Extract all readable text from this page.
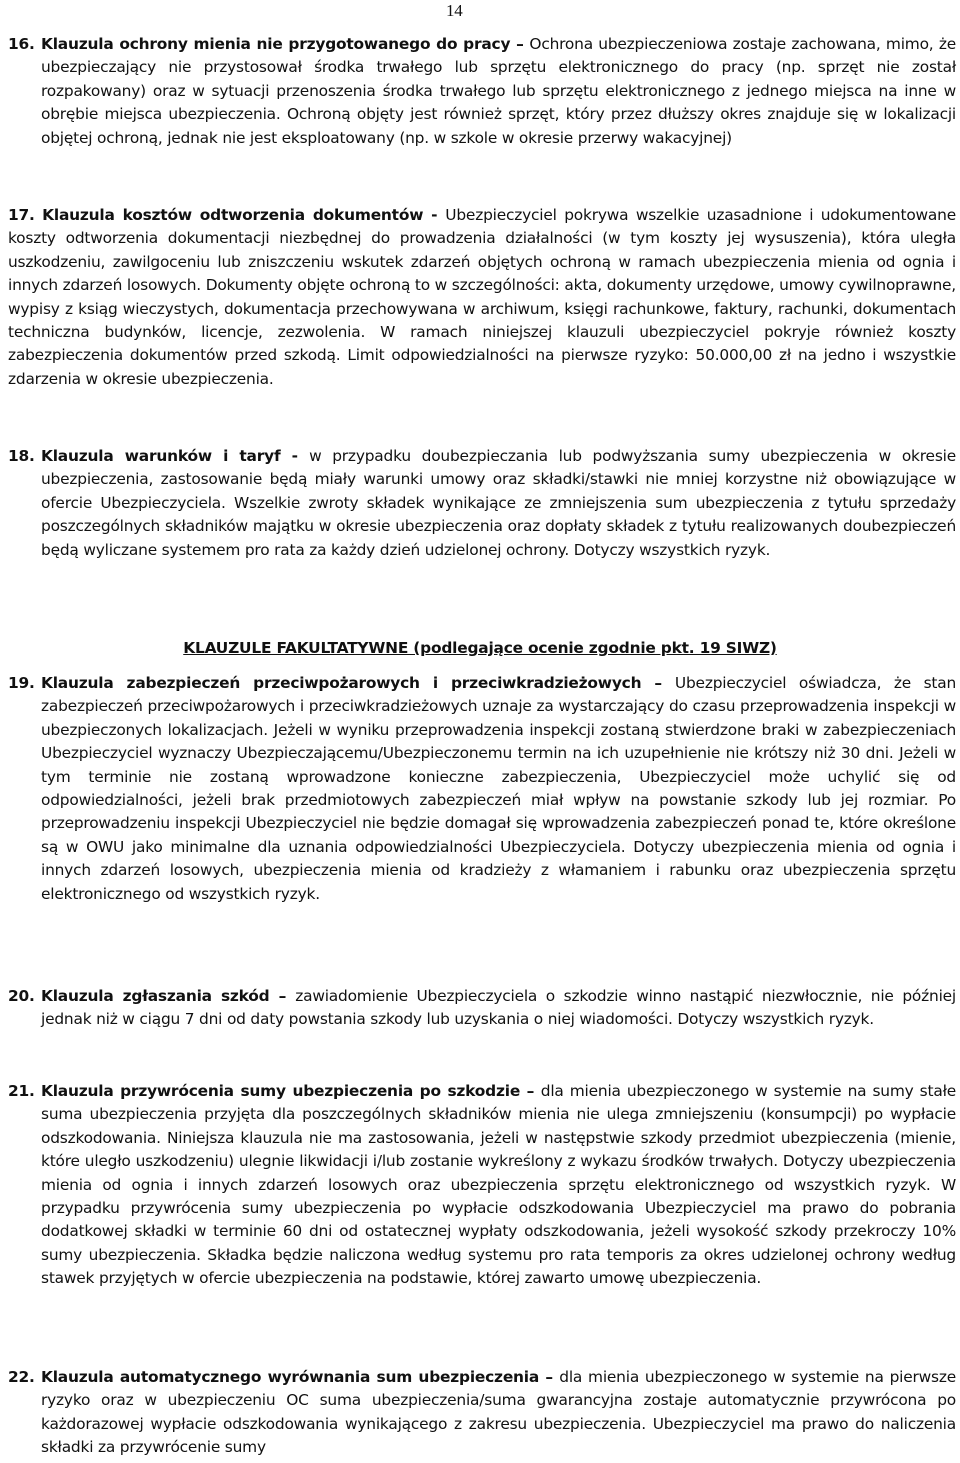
14

16. Klauzula ochrony mienia nie przygotowanego do pracy – Ochrona ubezpieczeniowa zostaje zachowana, mimo, że ubezpieczający nie przystosował środka trwałego lub sprzętu elektronicznego do pracy (np. sprzęt nie został rozpakowany) oraz w sytuacji przenoszenia środka trwałego lub sprzętu elektronicznego z jednego miejsca na inne w obrębie miejsca ubezpieczenia. Ochroną objęty jest również sprzęt, który przez dłuższy okres znajduje się w lokalizacji objętej ochroną, jednak nie jest eksploatowany (np. w szkole w okresie przerwy wakacyjnej)

17. Klauzula kosztów odtworzenia dokumentów - Ubezpieczyciel pokrywa wszelkie uzasadnione i udokumentowane koszty odtworzenia dokumentacji niezbędnej do prowadzenia działalności (w tym koszty jej wysuszenia), która uległa uszkodzeniu, zawilgoceniu lub zniszczeniu wskutek zdarzeń objętych ochroną w ramach ubezpieczenia mienia od ognia i innych zdarzeń losowych. Dokumenty objęte ochroną to w szczególności: akta, dokumenty urzędowe, umowy cywilnoprawne, wypisy z ksiąg wieczystych, dokumentacja przechowywana w archiwum, księgi rachunkowe, faktury, rachunki, dokumentach techniczna budynków, licencje, zezwolenia. W ramach niniejszej klauzuli ubezpieczyciel pokryje również koszty zabezpieczenia dokumentów przed szkodą. Limit odpowiedzialności na pierwsze ryzyko: 50.000,00 zł na jedno i wszystkie zdarzenia w okresie ubezpieczenia.

18. Klauzula warunków i taryf - w przypadku doubezpieczania lub podwyższania sumy ubezpieczenia w okresie ubezpieczenia, zastosowanie będą miały warunki umowy oraz składki/stawki nie mniej korzystne niż obowiązujące w ofercie Ubezpieczyciela. Wszelkie zwroty składek wynikające ze zmniejszenia sum ubezpieczenia z tytułu sprzedaży poszczególnych składników majątku w okresie ubezpieczenia oraz dopłaty składek z tytułu realizowanych doubezpieczeń będą wyliczane systemem pro rata za każdy dzień udzielonej ochrony. Dotyczy wszystkich ryzyk.

KLAUZULE FAKULTATYWNE (podlegające ocenie zgodnie pkt. 19 SIWZ)

19. Klauzula zabezpieczeń przeciwpożarowych i przeciwkradzieżowych – Ubezpieczyciel oświadcza, że stan zabezpieczeń przeciwpożarowych i przeciwkradzieżowych uznaje za wystarczający do czasu przeprowadzenia inspekcji w ubezpieczonych lokalizacjach. Jeżeli w wyniku przeprowadzenia inspekcji zostaną stwierdzone braki w zabezpieczeniach Ubezpieczyciel wyznaczy Ubezpieczającemu/Ubezpieczonemu termin na ich uzupełnienie nie krótszy niż 30 dni. Jeżeli w tym terminie nie zostaną wprowadzone konieczne zabezpieczenia, Ubezpieczyciel może uchylić się od odpowiedzialności, jeżeli brak przedmiotowych zabezpieczeń miał wpływ na powstanie szkody lub jej rozmiar. Po przeprowadzeniu inspekcji Ubezpieczyciel nie będzie domagał się wprowadzenia zabezpieczeń ponad te, które określone są w OWU jako minimalne dla uznania odpowiedzialności Ubezpieczyciela. Dotyczy ubezpieczenia mienia od ognia i innych zdarzeń losowych, ubezpieczenia mienia od kradzieży z włamaniem i rabunku oraz ubezpieczenia sprzętu elektronicznego od wszystkich ryzyk.

20. Klauzula zgłaszania szkód – zawiadomienie Ubezpieczyciela o szkodzie winno nastąpić niezwłocznie, nie później jednak niż w ciągu 7 dni od daty powstania szkody lub uzyskania o niej wiadomości. Dotyczy wszystkich ryzyk.

21. Klauzula przywrócenia sumy ubezpieczenia po szkodzie – dla mienia ubezpieczonego w systemie na sumy stałe suma ubezpieczenia przyjęta dla poszczególnych składników mienia nie ulega zmniejszeniu (konsumpcji) po wypłacie odszkodowania. Niniejsza klauzula nie ma zastosowania, jeżeli w następstwie szkody przedmiot ubezpieczenia (mienie, które uległo uszkodzeniu) ulegnie likwidacji i/lub zostanie wykreślony z wykazu środków trwałych. Dotyczy ubezpieczenia mienia od ognia i innych zdarzeń losowych oraz ubezpieczenia sprzętu elektronicznego od wszystkich ryzyk. W przypadku przywrócenia sumy ubezpieczenia po wypłacie odszkodowania Ubezpieczyciel ma prawo do pobrania dodatkowej składki w terminie 60 dni od ostatecznej wypłaty odszkodowania, jeżeli wysokość szkody przekroczy 10% sumy ubezpieczenia. Składka będzie naliczona według systemu pro rata temporis za okres udzielonej ochrony według stawek przyjętych w ofercie ubezpieczenia na podstawie, której zawarto umowę ubezpieczenia.

22. Klauzula automatycznego wyrównania sum ubezpieczenia – dla mienia ubezpieczonego w systemie na pierwsze ryzyko oraz w ubezpieczeniu OC suma ubezpieczenia/suma gwarancyjna zostaje automatycznie przywrócona po każdorazowej wypłacie odszkodowania wynikającego z zakresu ubezpieczenia. Ubezpieczyciel ma prawo do naliczenia składki za przywrócenie sumy
